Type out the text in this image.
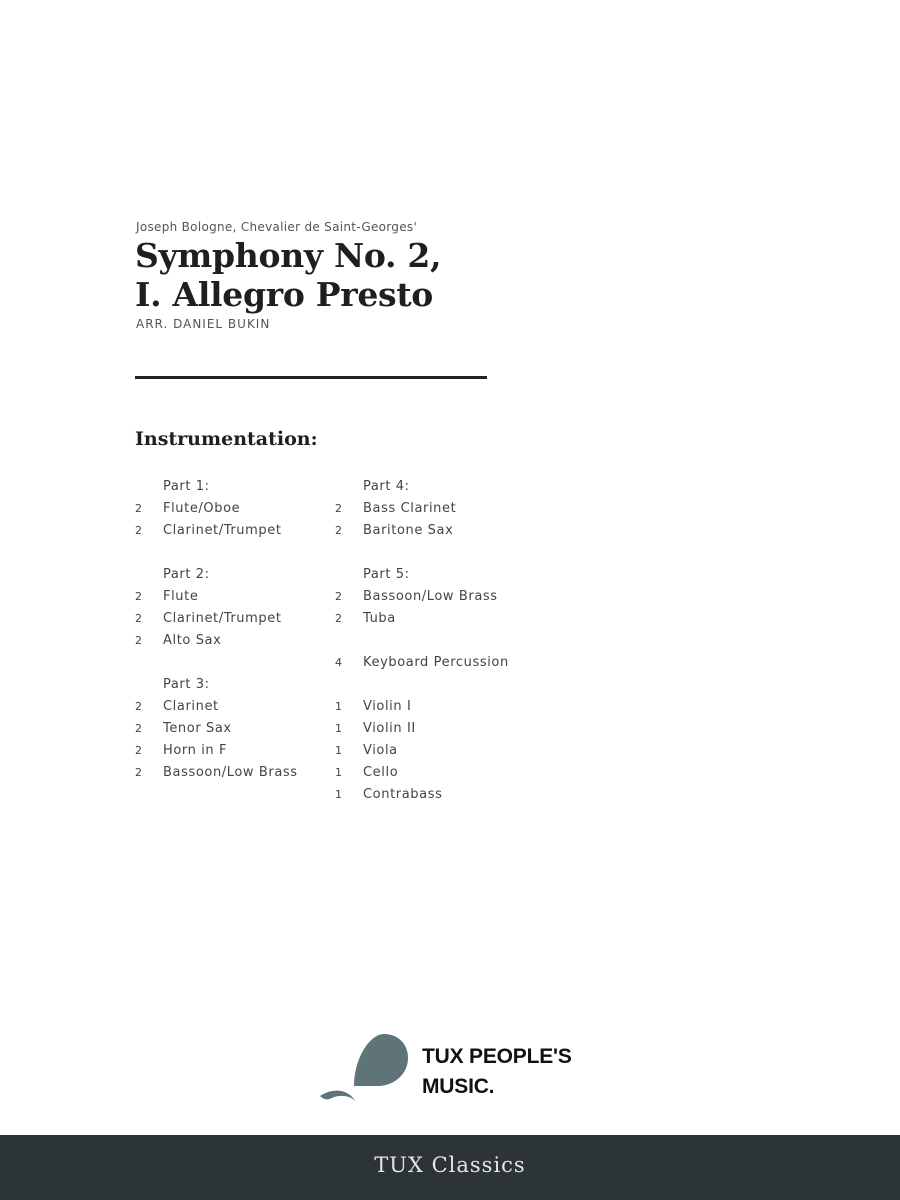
Joseph Bologne, Chevalier de Saint-Georges'
Symphony No. 2,
I. Allegro Presto
ARR. DANIEL BUKIN
Instrumentation:
Part 1:
2	Flute/Oboe
2	Clarinet/Trumpet
Part 2:
2	Flute
2	Clarinet/Trumpet
2	Alto Sax
Part 3:
2	Clarinet
2	Tenor Sax
2	Horn in F
2	Bassoon/Low Brass
Part 4:
2	Bass Clarinet
2	Baritone Sax
Part 5:
2	Bassoon/Low Brass
2	Tuba
4	Keyboard Percussion
1	Violin I
1	Violin II
1	Viola
1	Cello
1	Contrabass
TUX PEOPLE'S
MUSIC.
TUX Classics
